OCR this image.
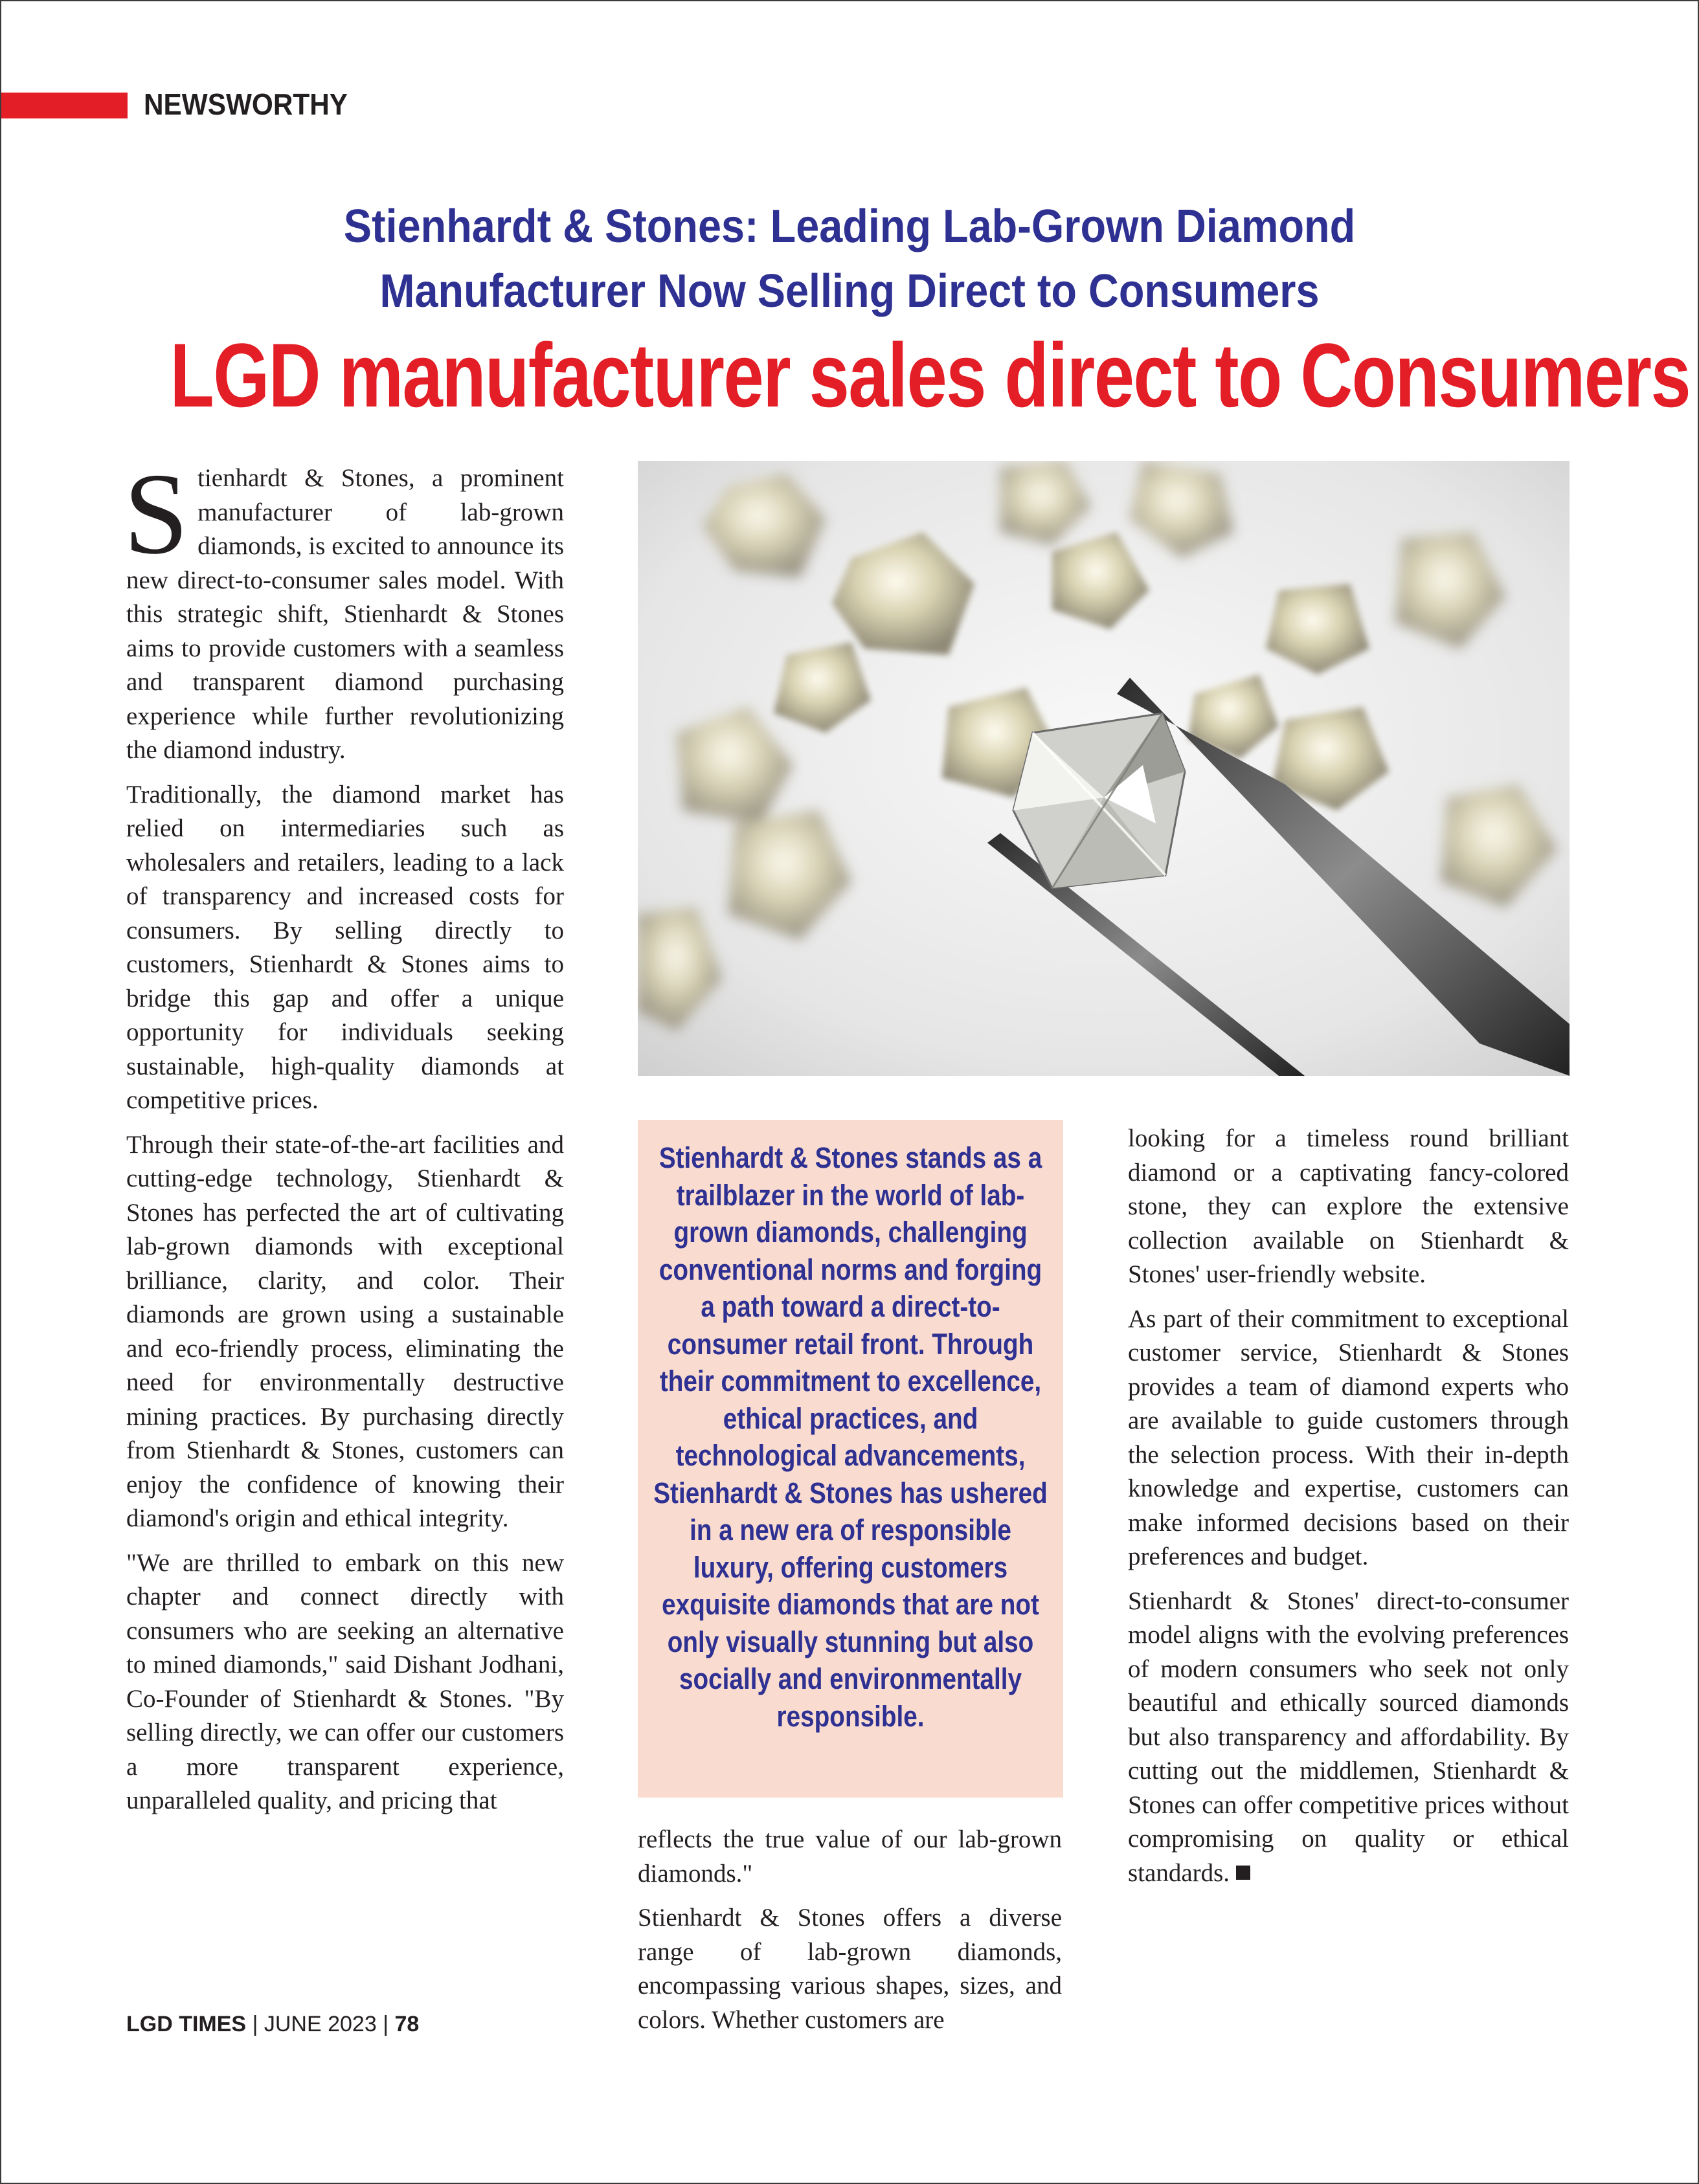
NEWSWORTHY
Stienhardt & Stones: Leading Lab-Grown Diamond
Manufacturer Now Selling Direct to Consumers
LGD manufacturer sales direct to Consumers

Stienhardt & Stones, a prominent manufacturer of lab-grown diamonds, is excited to announce its new direct-to-consumer sales model. With this strategic shift, Stienhardt & Stones aims to provide customers with a seamless and transparent diamond purchasing experience while further revolutionizing the diamond industry.

Traditionally, the diamond market has relied on intermediaries such as wholesalers and retailers, leading to a lack of transparency and increased costs for consumers. By selling directly to customers, Stienhardt & Stones aims to bridge this gap and offer a unique opportunity for individuals seeking sustainable, high-quality diamonds at competitive prices.

Through their state-of-the-art facilities and cutting-edge technology, Stienhardt & Stones has perfected the art of cultivating lab-grown diamonds with exceptional brilliance, clarity, and color. Their diamonds are grown using a sustainable and eco-friendly process, eliminating the need for environmentally destructive mining practices. By purchasing directly from Stienhardt & Stones, customers can enjoy the confidence of knowing their diamond's origin and ethical integrity.

"We are thrilled to embark on this new chapter and connect directly with consumers who are seeking an alternative to mined diamonds," said Dishant Jodhani, Co-Founder of Stienhardt & Stones. "By selling directly, we can offer our customers a more transparent experience, unparalleled quality, and pricing that

Stienhardt & Stones stands as a trailblazer in the world of lab-grown diamonds, challenging conventional norms and forging a path toward a direct-to-consumer retail front. Through their commitment to excellence, ethical practices, and technological advancements, Stienhardt & Stones has ushered in a new era of responsible luxury, offering customers exquisite diamonds that are not only visually stunning but also socially and environmentally responsible.

reflects the true value of our lab-grown diamonds."

Stienhardt & Stones offers a diverse range of lab-grown diamonds, encompassing various shapes, sizes, and colors. Whether customers are

looking for a timeless round brilliant diamond or a captivating fancy-colored stone, they can explore the extensive collection available on Stienhardt & Stones' user-friendly website.

As part of their commitment to exceptional customer service, Stienhardt & Stones provides a team of diamond experts who are available to guide customers through the selection process. With their in-depth knowledge and expertise, customers can make informed decisions based on their preferences and budget.

Stienhardt & Stones' direct-to-consumer model aligns with the evolving preferences of modern consumers who seek not only beautiful and ethically sourced diamonds but also transparency and affordability. By cutting out the middlemen, Stienhardt & Stones can offer competitive prices without compromising on quality or ethical standards.

LGD TIMES | JUNE 2023 | 78
